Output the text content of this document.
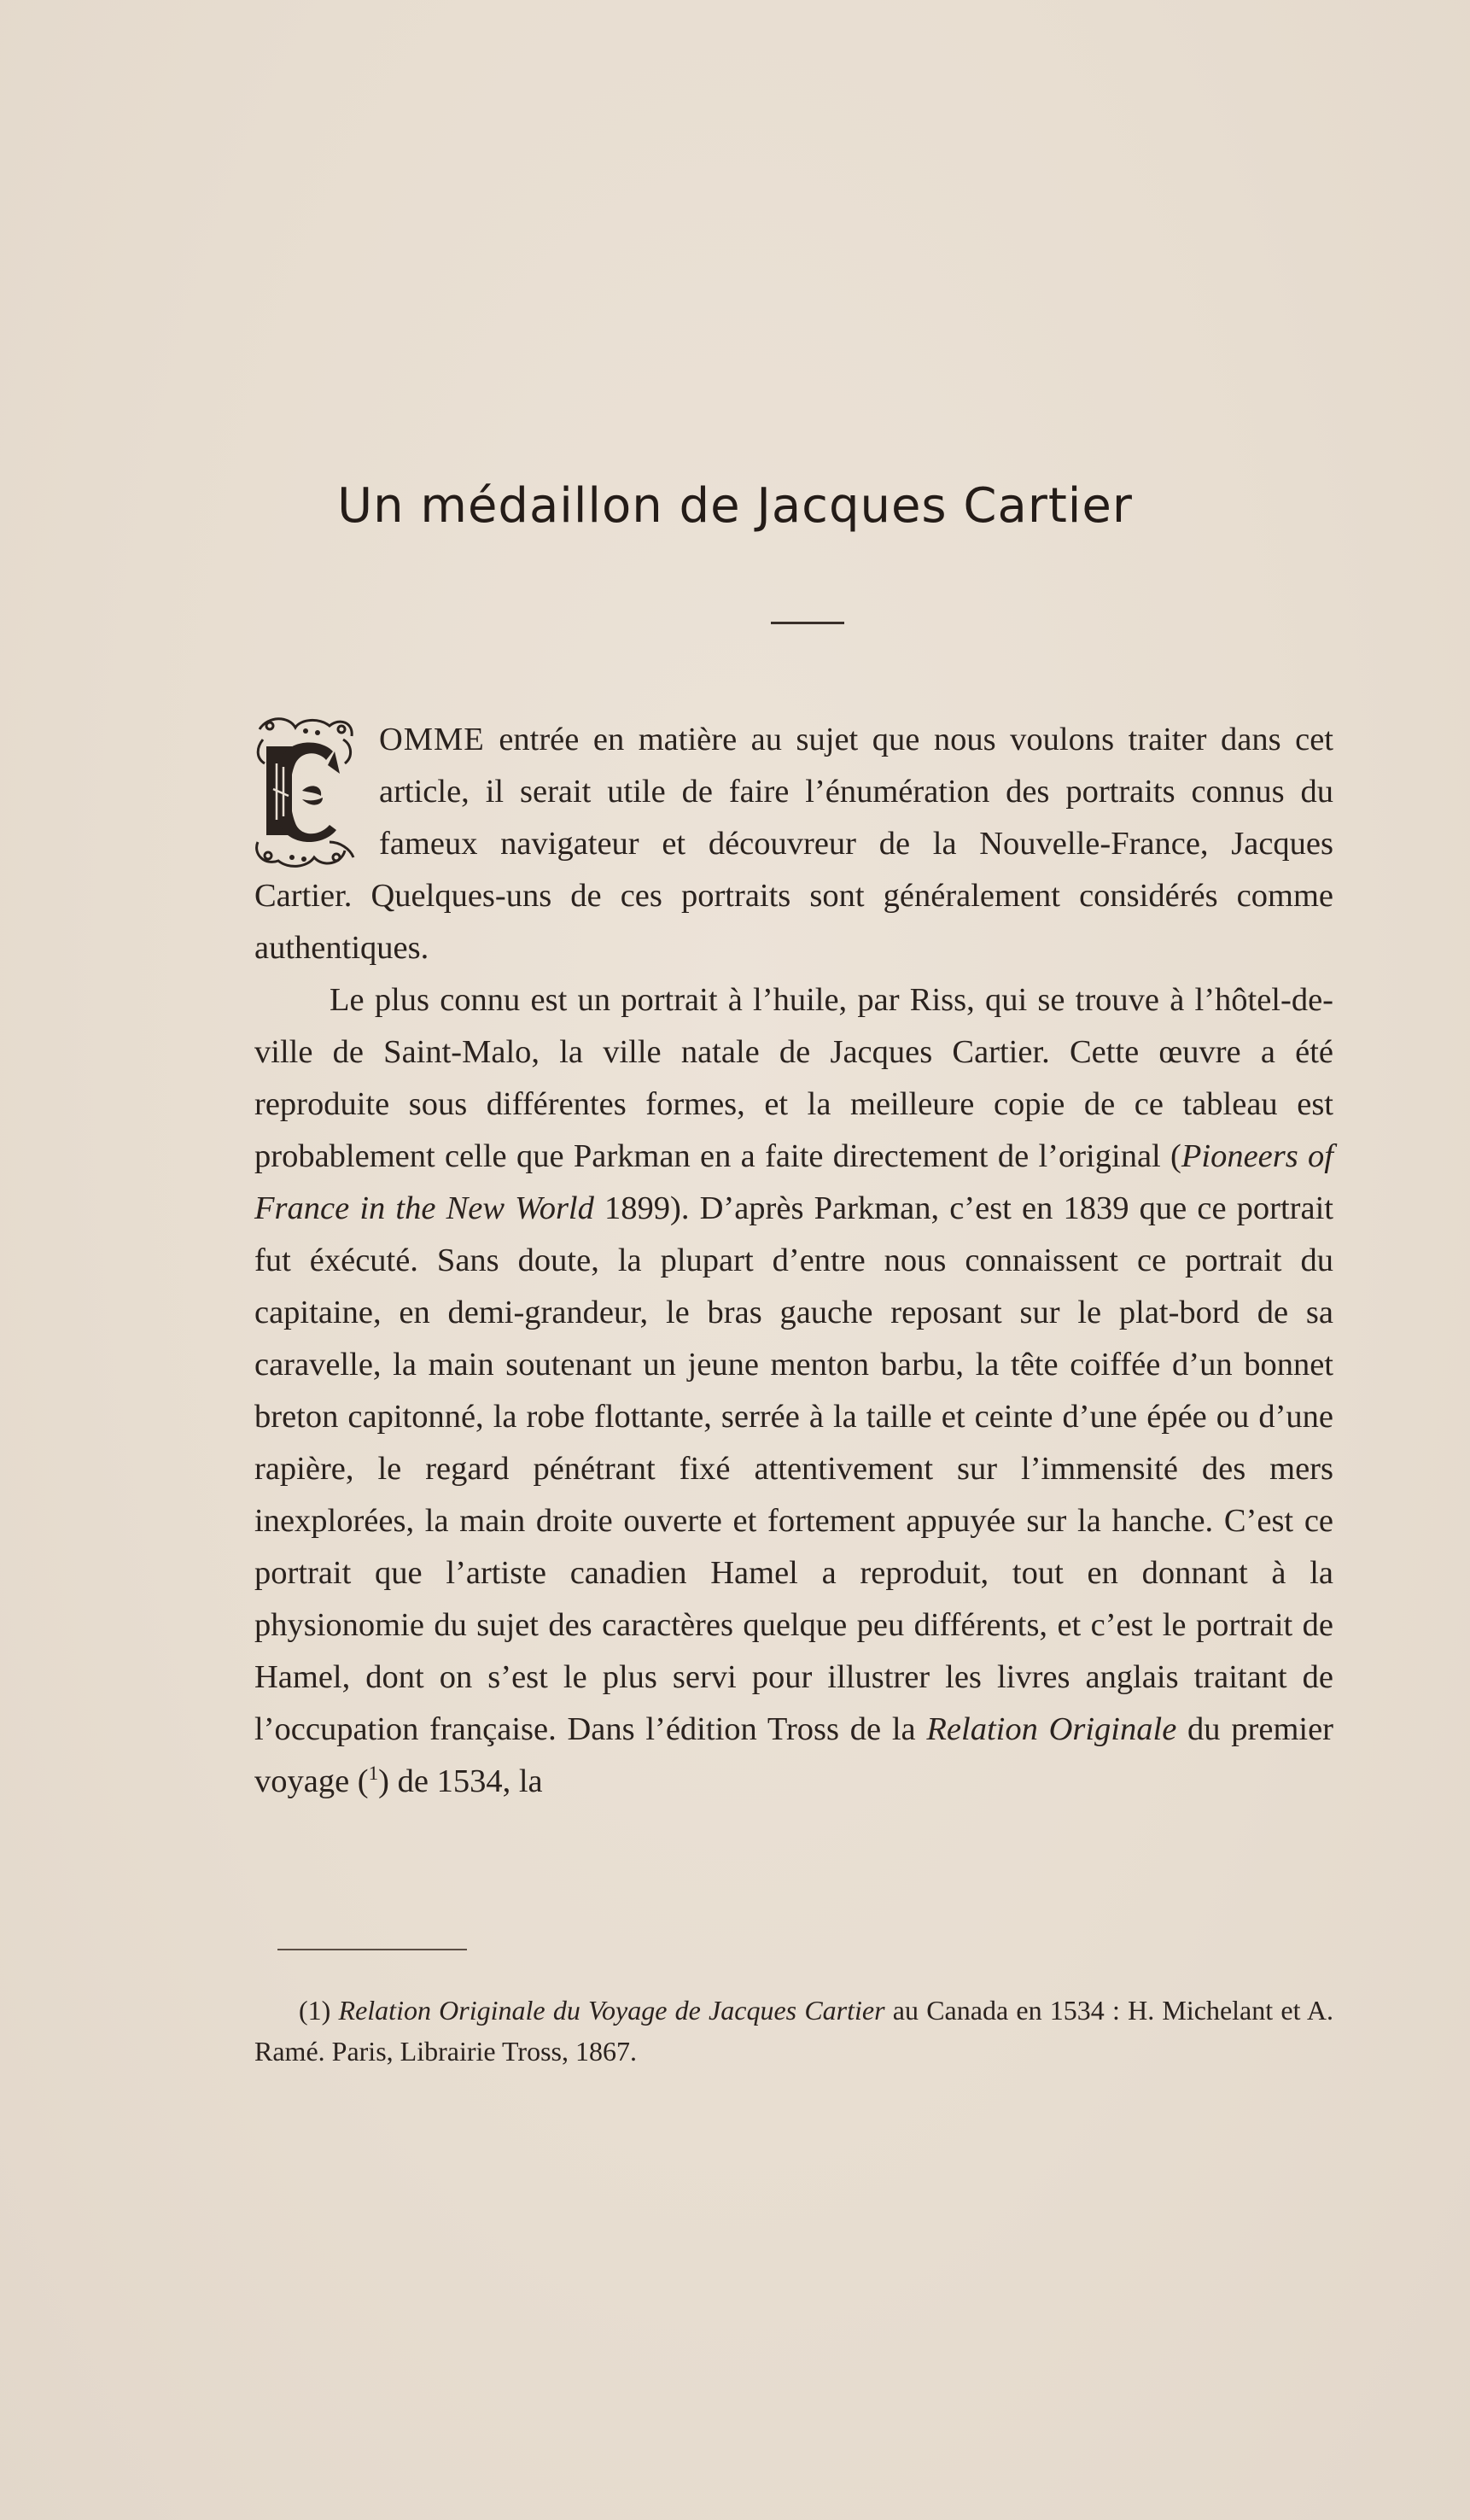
Un médaillon de Jacques Cartier

OMME entrée en matière au sujet que nous voulons traiter dans cet article, il serait utile de faire l’énumération des portraits connus du fameux navigateur et découvreur de la Nouvelle-France, Jacques Cartier. Quelques-uns de ces portraits sont généralement considérés comme authentiques.

Le plus connu est un portrait à l’huile, par Riss, qui se trouve à l’hôtel-de-ville de Saint-Malo, la ville natale de Jacques Cartier. Cette œuvre a été reproduite sous différentes formes, et la meilleure copie de ce tableau est probablement celle que Parkman en a faite directement de l’original (Pioneers of France in the New World 1899). D’après Parkman, c’est en 1839 que ce portrait fut éxécuté. Sans doute, la plupart d’entre nous connaissent ce portrait du capitaine, en demi-grandeur, le bras gauche reposant sur le plat-bord de sa caravelle, la main soutenant un jeune menton barbu, la tête coiffée d’un bonnet breton capitonné, la robe flottante, serrée à la taille et ceinte d’une épée ou d’une rapière, le regard pénétrant fixé attentivement sur l’immensité des mers inexplorées, la main droite ouverte et fortement appuyée sur la hanche. C’est ce portrait que l’artiste canadien Hamel a reproduit, tout en donnant à la physionomie du sujet des caractères quelque peu différents, et c’est le portrait de Hamel, dont on s’est le plus servi pour illustrer les livres anglais traitant de l’occupation française. Dans l’édition Tross de la Relation Originale du premier voyage ($^1$) de 1534, la

(1) Relation Originale du Voyage de Jacques Cartier au Canada en 1534 : H. Michelant et A. Ramé. Paris, Librairie Tross, 1867.
